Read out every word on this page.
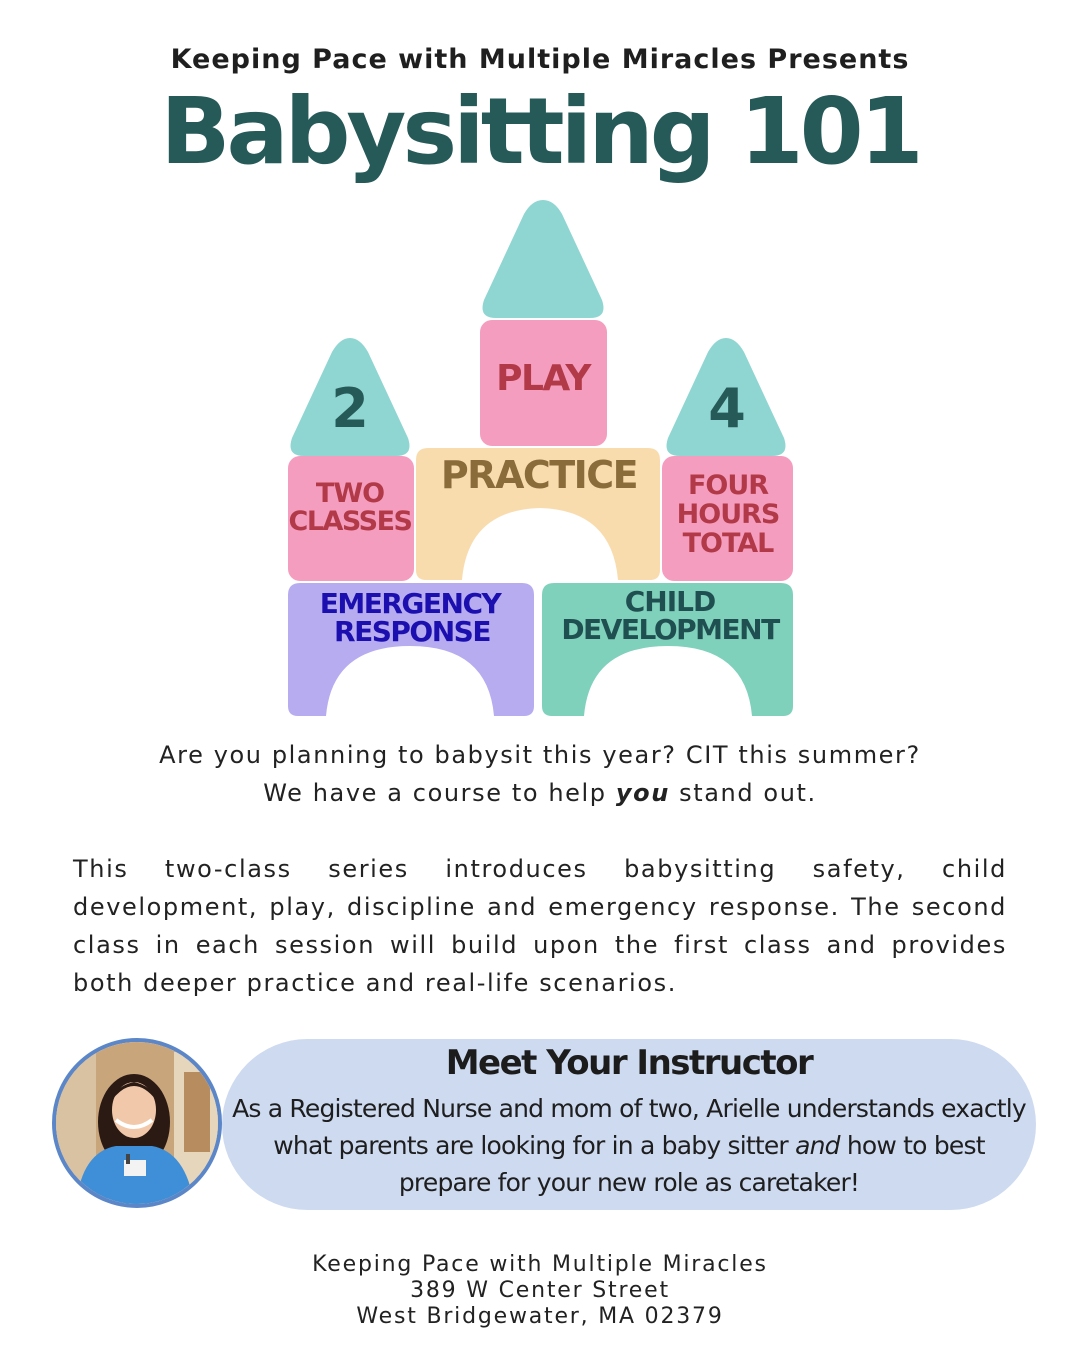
Keeping Pace with Multiple Miracles Presents
Babysitting 101
2	4
PLAY
PRACTICE
TWO
CLASSES
FOUR
HOURS
TOTAL
EMERGENCY
RESPONSE
CHILD
DEVELOPMENT
Are you planning to babysit this year? CIT this summer?
We have a course to help you stand out.
This two-class series introduces babysitting safety, child development, play, discipline and emergency response. The second class in each session will build upon the first class and provides both deeper practice and real-life scenarios.
Meet Your Instructor
As a Registered Nurse and mom of two, Arielle understands exactly what parents are looking for in a baby sitter and how to best prepare for your new role as caretaker!
Keeping Pace with Multiple Miracles
389 W Center Street
West Bridgewater, MA 02379
